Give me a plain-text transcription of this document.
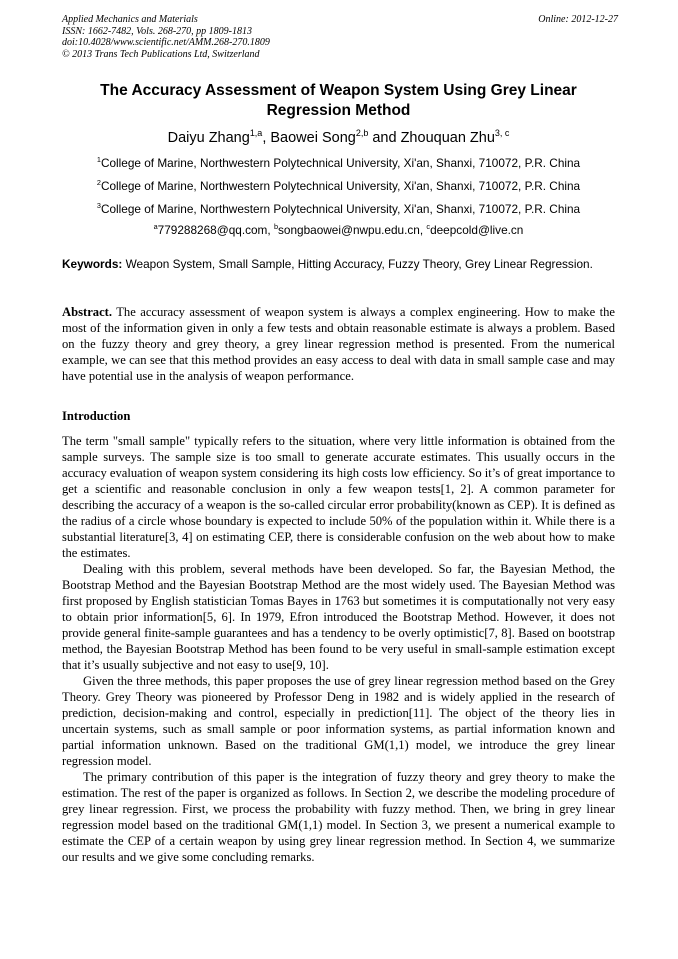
Applied Mechanics and Materials
ISSN: 1662-7482, Vols. 268-270, pp 1809-1813
doi:10.4028/www.scientific.net/AMM.268-270.1809
© 2013 Trans Tech Publications Ltd, Switzerland
Online: 2012-12-27
The Accuracy Assessment of Weapon System Using Grey Linear Regression Method
Daiyu Zhang$^{1,a}$, Baowei Song$^{2,b}$ and Zhouquan Zhu$^{3, c}$
$^1$College of Marine, Northwestern Polytechnical University, Xi'an, Shanxi, 710072, P.R. China
$^2$College of Marine, Northwestern Polytechnical University, Xi'an, Shanxi, 710072, P.R. China
$^3$College of Marine, Northwestern Polytechnical University, Xi'an, Shanxi, 710072, P.R. China
$^a$779288268@qq.com, $^b$songbaowei@nwpu.edu.cn, $^c$deepcold@live.cn
Keywords: Weapon System, Small Sample, Hitting Accuracy, Fuzzy Theory, Grey Linear Regression.
Abstract. The accuracy assessment of weapon system is always a complex engineering. How to make the most of the information given in only a few tests and obtain reasonable estimate is always a problem. Based on the fuzzy theory and grey theory, a grey linear regression method is presented. From the numerical example, we can see that this method provides an easy access to deal with data in small sample case and may have potential use in the analysis of weapon performance.
Introduction

The term "small sample" typically refers to the situation, where very little information is obtained from the sample surveys. The sample size is too small to generate accurate estimates. This usually occurs in the accuracy evaluation of weapon system considering its high costs low efficiency. So it’s of great importance to get a scientific and reasonable conclusion in only a few weapon tests[1, 2]. A common parameter for describing the accuracy of a weapon is the so-called circular error probability(known as CEP). It is defined as the radius of a circle whose boundary is expected to include 50% of the population within it. While there is a substantial literature[3, 4] on estimating CEP, there is considerable confusion on the web about how to make the estimates.

Dealing with this problem, several methods have been developed. So far, the Bayesian Method, the Bootstrap Method and the Bayesian Bootstrap Method are the most widely used. The Bayesian Method was first proposed by English statistician Tomas Bayes in 1763 but sometimes it is computationally not very easy to obtain prior information[5, 6]. In 1979, Efron introduced the Bootstrap Method. However, it does not provide general finite-sample guarantees and has a tendency to be overly optimistic[7, 8]. Based on bootstrap method, the Bayesian Bootstrap Method has been found to be very useful in small-sample estimation except that it’s usually subjective and not easy to use[9, 10].

Given the three methods, this paper proposes the use of grey linear regression method based on the Grey Theory. Grey Theory was pioneered by Professor Deng in 1982 and is widely applied in the research of prediction, decision-making and control, especially in prediction[11]. The object of the theory lies in uncertain systems, such as small sample or poor information systems, as partial information known and partial information unknown. Based on the traditional GM(1,1) model, we introduce the grey linear regression model.

The primary contribution of this paper is the integration of fuzzy theory and grey theory to make the estimation. The rest of the paper is organized as follows. In Section 2, we describe the modeling procedure of grey linear regression. First, we process the probability with fuzzy method. Then, we bring in grey linear regression model based on the traditional GM(1,1) model. In Section 3, we present a numerical example to estimate the CEP of a certain weapon by using grey linear regression method. In Section 4, we summarize our results and we give some concluding remarks.
